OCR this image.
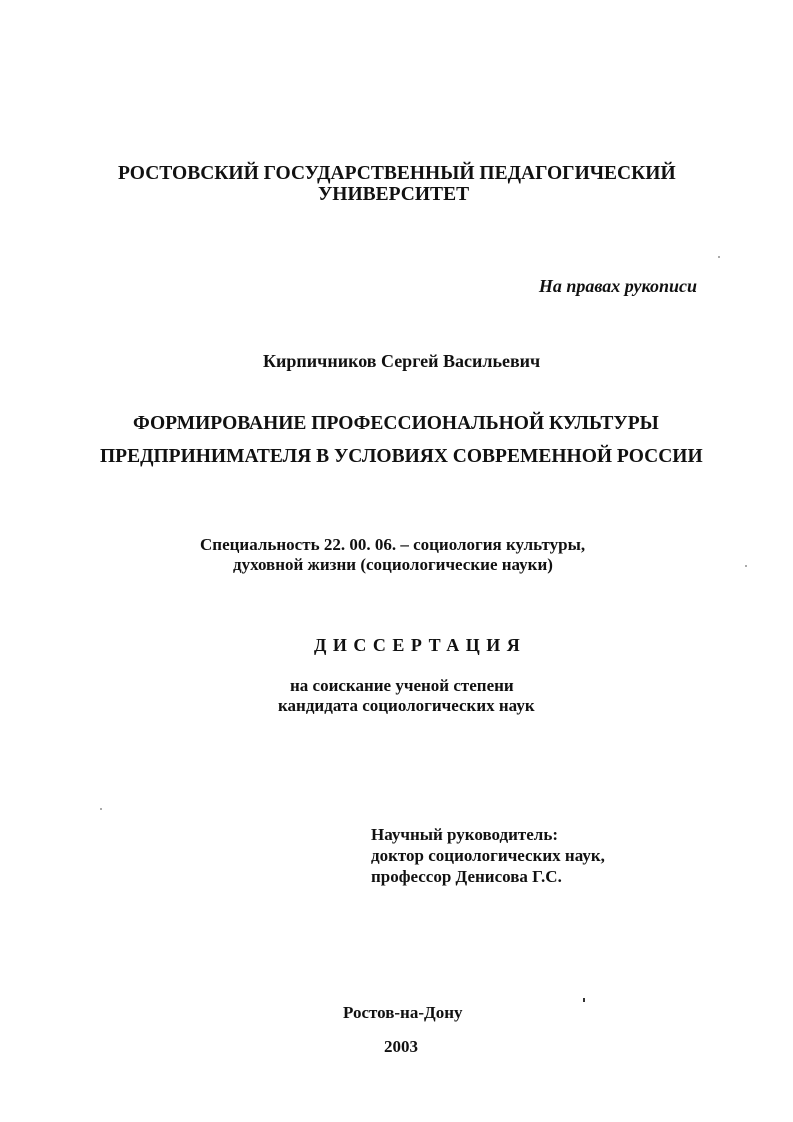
РОСТОВСКИЙ ГОСУДАРСТВЕННЫЙ ПЕДАГОГИЧЕСКИЙ
УНИВЕРСИТЕТ
На правах рукописи
Кирпичников Сергей Васильевич
ФОРМИРОВАНИЕ ПРОФЕССИОНАЛЬНОЙ КУЛЬТУРЫ
ПРЕДПРИНИМАТЕЛЯ В УСЛОВИЯХ СОВРЕМЕННОЙ РОССИИ
Специальность 22. 00. 06. – социология культуры,
духовной жизни (социологические науки)
ДИССЕРТАЦИЯ
на соискание ученой степени
кандидата социологических наук
Научный руководитель:
доктор социологических наук,
профессор Денисова Г.С.
Ростов-на-Дону
2003
